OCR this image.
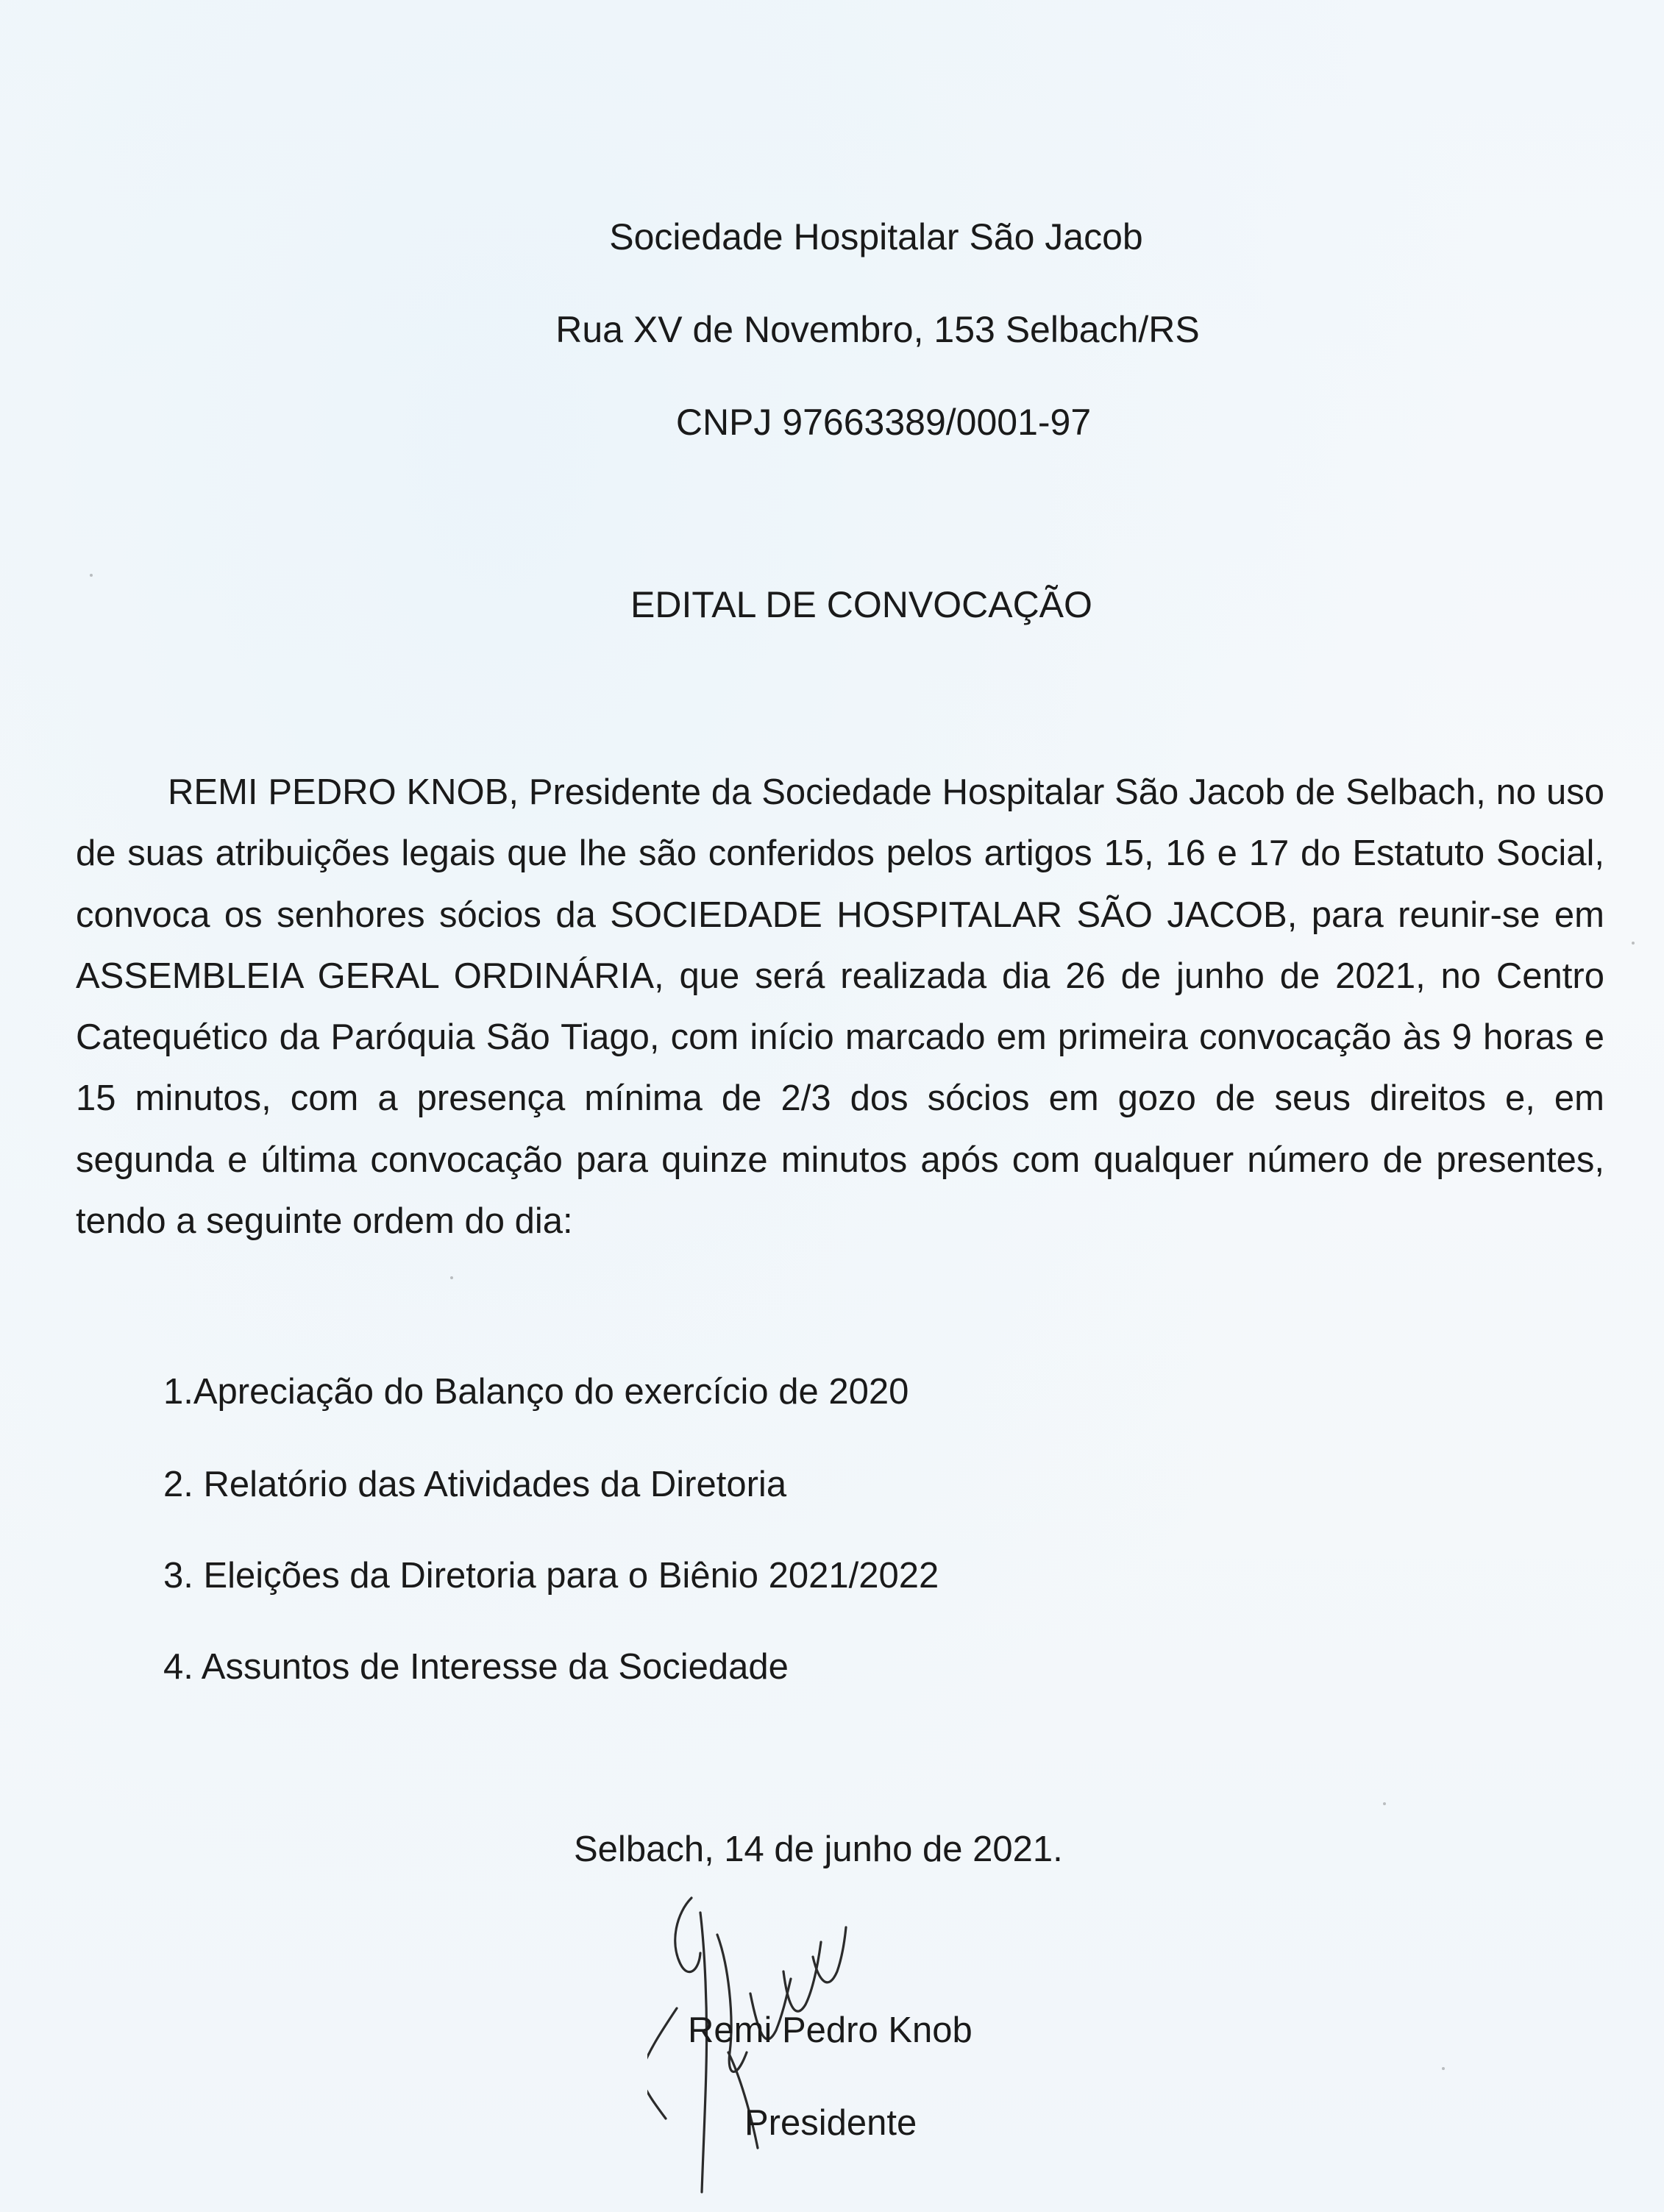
Sociedade Hospitalar São Jacob
Rua XV de Novembro, 153 Selbach/RS
CNPJ 97663389/0001-97
EDITAL DE CONVOCAÇÃO

REMI PEDRO KNOB, Presidente da Sociedade Hospitalar São Jacob de Selbach, no uso de suas atribuições legais que lhe são conferidos pelos artigos 15, 16 e 17 do Estatuto Social, convoca os senhores sócios da SOCIEDADE HOSPITALAR SÃO JACOB, para reunir-se em ASSEMBLEIA GERAL ORDINÁRIA, que será realizada dia 26 de junho de 2021, no Centro Catequético da Paróquia São Tiago, com início marcado em primeira convocação às 9 horas e 15 minutos, com a presença mínima de 2/3 dos sócios em gozo de seus direitos e, em segunda e última convocação para quinze minutos após com qualquer número de presentes, tendo a seguinte ordem do dia:

1.Apreciação do Balanço do exercício de 2020
2. Relatório das Atividades da Diretoria
3. Eleições da Diretoria para o Biênio 2021/2022
4. Assuntos de Interesse da Sociedade
Selbach, 14 de junho de 2021.
Remi Pedro Knob
Presidente
